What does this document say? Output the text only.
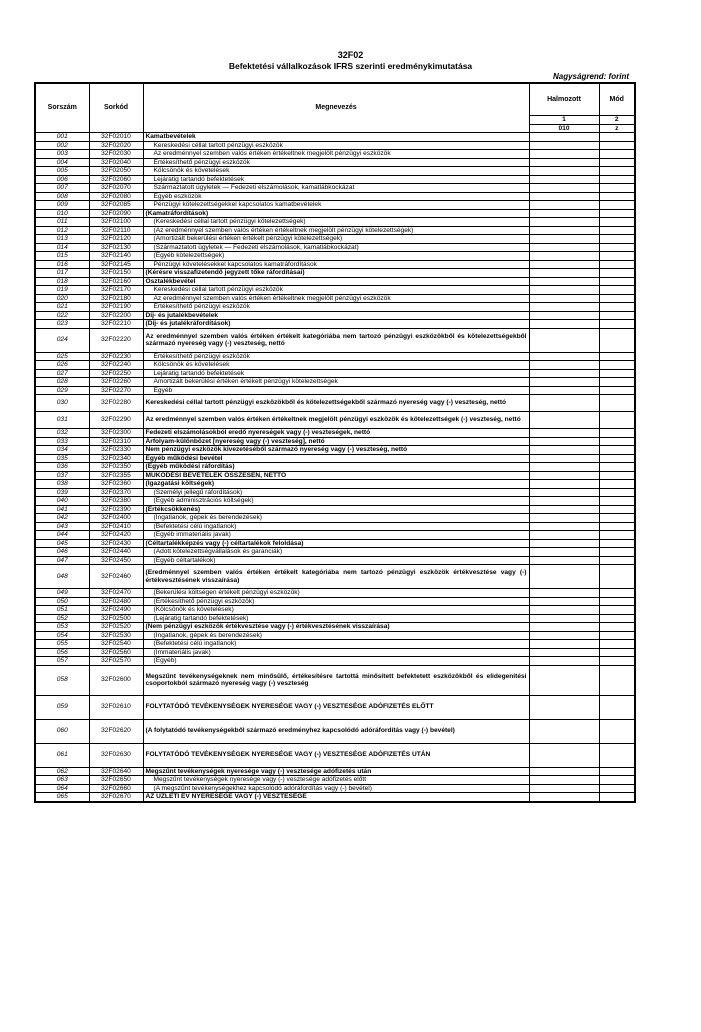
32F02
Befektetési vállalkozások IFRS szerinti eredménykimutatása
Nagyságrend: forint
Sorszám	Sorkód	Megnevezés	Halmozott	Mód
			1	2
			010	z
001	32F02010	Kamatbevételek		
002	32F02020	Kereskedési céllal tartott pénzügyi eszközök		
003	32F02030	Az eredménnyel szemben valós értéken értékeltnek megjelölt pénzügyi eszközök		
004	32F02040	Értékesíthető pénzügyi eszközök		
005	32F02050	Kölcsönök és követelések		
006	32F02060	Lejáratig tartandó befektetések		
007	32F02070	Származtatott ügyletek — Fedezeti elszámolások, kamatlábkockázat		
008	32F02080	Egyéb eszközök		
009	32F02085	Pénzügyi kötelezettségekkel kapcsolatos kamatbevételek		
010	32F02090	(Kamatráfordítások)		
011	32F02100	(Kereskedési céllal tartott pénzügyi kötelezettségek)		
012	32F02110	(Az eredménnyel szemben valós értéken értékeltnek megjelölt pénzügyi kötelezettségek)		
013	32F02120	(Amortizált bekerülési értéken értékelt pénzügyi kötelezettségek)		
014	32F02130	(Származtatott ügyletek — Fedezeti elszámolások, kamatlábkockázat)		
015	32F02140	(Egyéb kötelezettségek)		
016	32F02145	Pénzügyi követelésekkel kapcsolatos kamatráfordítások		
017	32F02150	(Kérésre visszafizetendő jegyzett tőke ráfordításai)		
018	32F02160	Osztalékbevétel		
019	32F02170	Kereskedési céllal tartott pénzügyi eszközök		
020	32F02180	Az eredménnyel szemben valós értéken értékeltnek megjelölt pénzügyi eszközök		
021	32F02190	Értékesíthető pénzügyi eszközök		
022	32F02200	Díj- és jutalékbevételek		
023	32F02210	(Díj- és jutalékráfordítások)		
024	32F02220	Az eredménnyel szemben valós értéken értékelt kategóriába nem tartozó pénzügyi eszközökből és kötelezettségekből származó nyereség vagy (-) veszteség, nettó		
025	32F02230	Értékesíthető pénzügyi eszközök		
026	32F02240	Kölcsönök és követelések		
027	32F02250	Lejáratig tartandó befektetések		
028	32F02260	Amortizált bekerülési értéken értékelt pénzügyi kötelezettségek		
029	32F02270	Egyéb		
030	32F02280	Kereskedési céllal tartott pénzügyi eszközökből és kötelezettségekből származó nyereség vagy (-) veszteség, nettó		
031	32F02290	Az eredménnyel szemben valós értéken értékeltnek megjelölt pénzügyi eszközök és kötelezettségek (-) veszteség, nettó		
032	32F02300	Fedezeti elszámolásokból eredő nyereségek vagy (-) veszteségek, nettó		
033	32F02310	Árfolyam-különbözet [nyereség vagy (-) veszteség], nettó		
034	32F02330	Nem pénzügyi eszközök kivezetéséből származó nyereség vagy (-) veszteség, nettó		
035	32F02340	Egyéb működési bevétel		
036	32F02350	(Egyéb működési ráfordítás)		
037	32F02355	MŰKÖDÉSI BEVÉTELEK ÖSSZESEN, NETTÓ		
038	32F02360	(Igazgatási költségek)		
039	32F02370	(Személyi jellegű ráfordítások)		
040	32F02380	(Egyéb adminisztrációs költségek)		
041	32F02390	(Értékcsökkenés)		
042	32F02400	(Ingatlanok, gépek és berendezések)		
043	32F02410	(Befektetési célú ingatlanok)		
044	32F02420	(Egyéb immateriális javak)		
045	32F02430	(Céltartalékképzés vagy (-) céltartalékok feloldása)		
046	32F02440	(Adott kötelezettségvállalások és garanciák)		
047	32F02450	(Egyéb céltartalékok)		
048	32F02460	(Eredménnyel szemben valós értéken értékelt kategóriába nem tartozó pénzügyi eszközök értékvesztése vagy (-) értékvesztésének visszaírása)		
049	32F02470	(Bekerülési költségen értékelt pénzügyi eszközök)		
050	32F02480	(Értékesíthető pénzügyi eszközök)		
051	32F02490	(Kölcsönök és követelések)		
052	32F02500	(Lejáratig tartandó befektetések)		
053	32F02520	(Nem pénzügyi eszközök értékvesztése vagy (-) értékvesztésének visszaírása)		
054	32F02530	(Ingatlanok, gépek és berendezések)		
055	32F02540	(Befektetési célú ingatlanok)		
056	32F02560	(Immateriális javak)		
057	32F02570	(Egyéb)		
058	32F02600	Megszűnt tevékenységeknek nem minősülő, értékesítésre tartottá minősített befektetett eszközökből és elidegenítési csoportokból származó nyereség vagy (-) veszteség		
059	32F02610	FOLYTATÓDÓ TEVÉKENYSÉGEK NYERESÉGE VAGY (-) VESZTESÉGE ADÓFIZETÉS ELŐTT		
060	32F02620	(A folytatódó tevékenységekből származó eredményhez kapcsolódó adóráfordítás vagy (-) bevétel)		
061	32F02630	FOLYTATÓDÓ TEVÉKENYSÉGEK NYERESÉGE VAGY (-) VESZTESÉGE ADÓFIZETÉS UTÁN		
062	32F02640	Megszűnt tevékenységek nyeresége vagy (-) vesztesége adófizetés után		
063	32F02650	Megszűnt tevékenységek nyeresége vagy (-) vesztesége adófizetés előtt		
064	32F02660	(A megszűnt tevékenységekhez kapcsolódó adóráfordítás vagy (-) bevétel)		
065	32F02670	AZ ÜZLETI ÉV NYERESÉGE VAGY (-) VESZTESÉGE		
